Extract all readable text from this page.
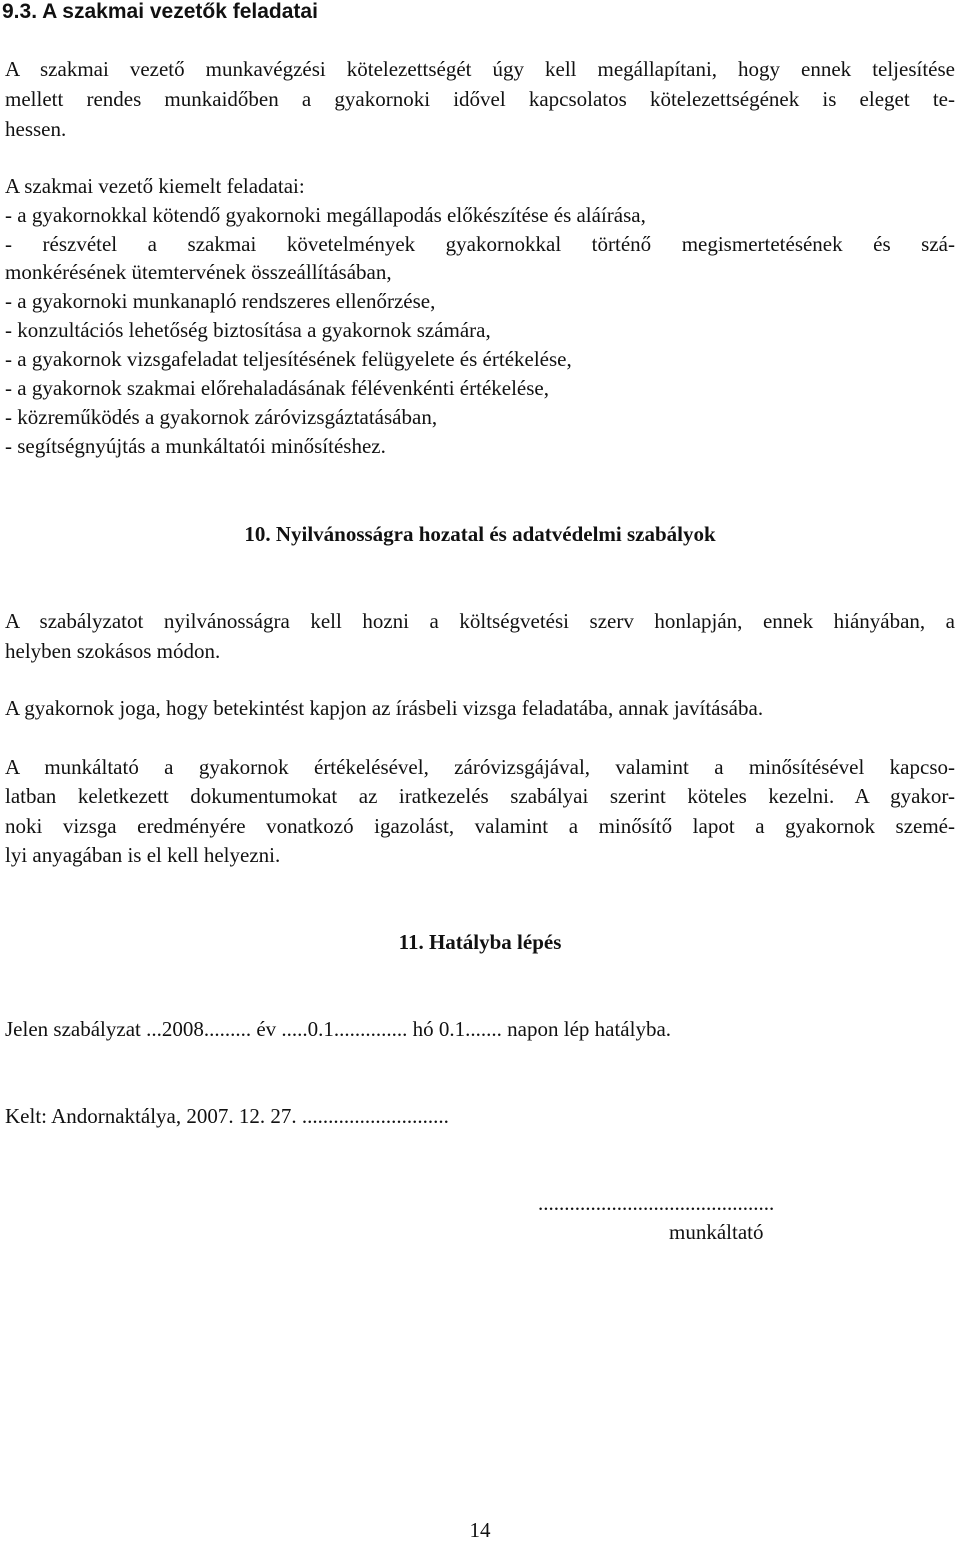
9.3. A szakmai vezetők feladatai
A szakmai vezető munkavégzési kötelezettségét úgy kell megállapítani, hogy ennek teljesítése
mellett rendes munkaidőben a gyakornoki idővel kapcsolatos kötelezettségének is eleget te-
hessen.
A szakmai vezető kiemelt feladatai:
- a gyakornokkal kötendő gyakornoki megállapodás előkészítése és aláírása,
- részvétel a szakmai követelmények gyakornokkal történő megismertetésének és szá-
monkérésének ütemtervének összeállításában,
- a gyakornoki munkanapló rendszeres ellenőrzése,
- konzultációs lehetőség biztosítása a gyakornok számára,
- a gyakornok vizsgafeladat teljesítésének felügyelete és értékelése,
- a gyakornok szakmai előrehaladásának félévenkénti értékelése,
- közreműködés a gyakornok záróvizsgáztatásában,
- segítségnyújtás a munkáltatói minősítéshez.
10. Nyilvánosságra hozatal és adatvédelmi szabályok
A szabályzatot nyilvánosságra kell hozni a költségvetési szerv honlapján, ennek hiányában, a
helyben szokásos módon.
A gyakornok joga, hogy betekintést kapjon az írásbeli vizsga feladatába, annak javításába.
A munkáltató a gyakornok értékelésével, záróvizsgájával, valamint a minősítésével kapcso-
latban keletkezett dokumentumokat az iratkezelés szabályai szerint köteles kezelni. A gyakor-
noki vizsga eredményére vonatkozó igazolást, valamint a minősítő lapot a gyakornok szemé-
lyi anyagában is el kell helyezni.
11. Hatályba lépés
Jelen szabályzat ...2008......... év .....0.1.............. hó 0.1....... napon lép hatályba.
Kelt: Andornaktálya, 2007. 12. 27. ............................
.............................................
munkáltató
14
